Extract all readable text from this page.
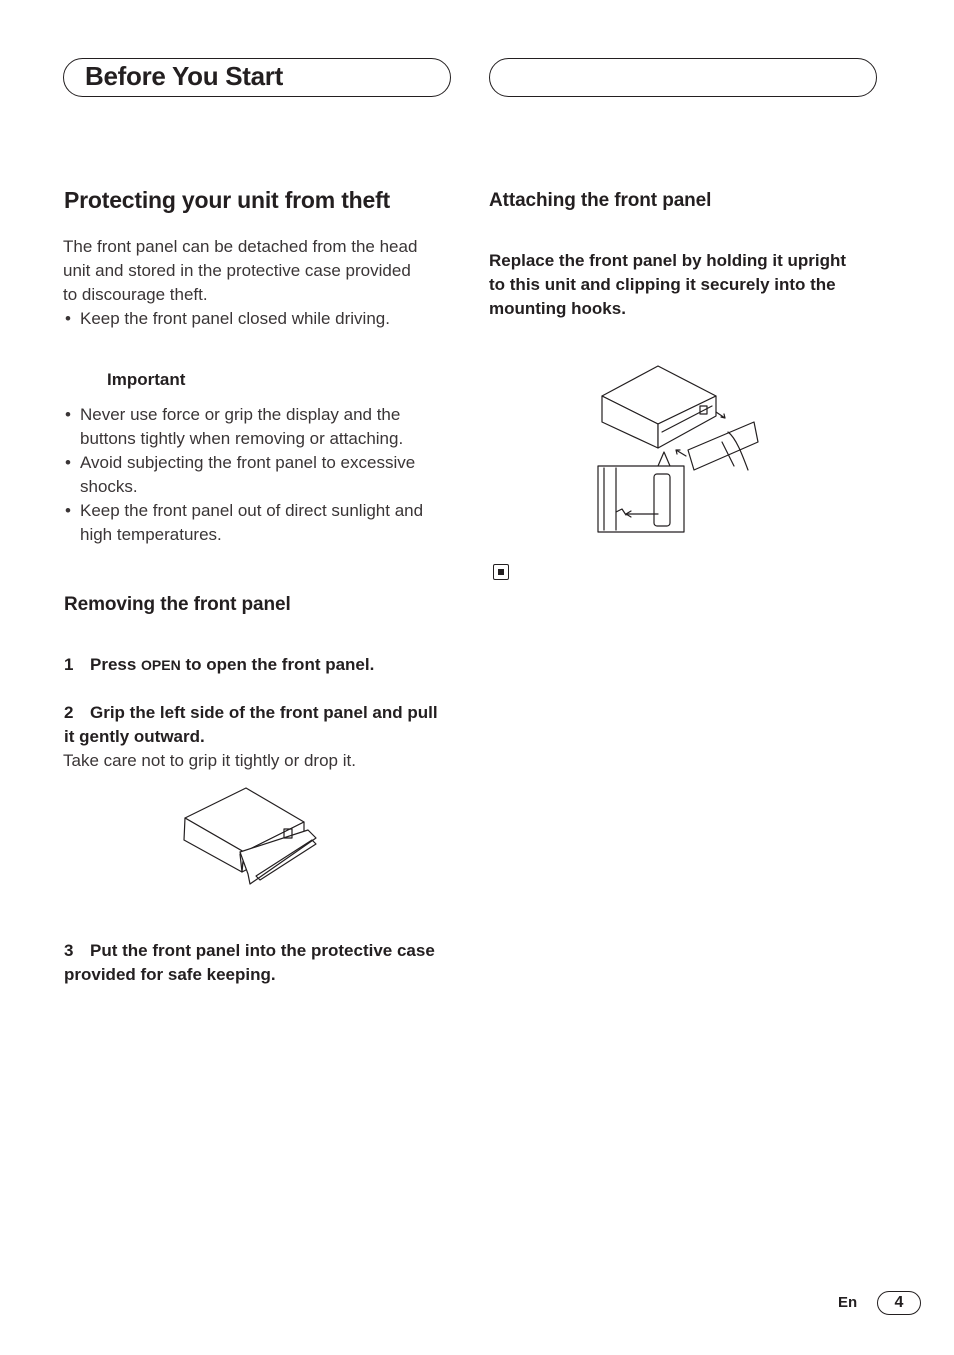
Before You Start
Protecting your unit from theft
The front panel can be detached from the head
unit and stored in the protective case provided
to discourage theft.
• Keep the front panel closed while driving.
Important
• Never use force or grip the display and the
buttons tightly when removing or attaching.
• Avoid subjecting the front panel to excessive
shocks.
• Keep the front panel out of direct sunlight and
high temperatures.
Removing the front panel
1 Press OPEN to open the front panel.
2 Grip the left side of the front panel and pull
it gently outward.
Take care not to grip it tightly or drop it.
3 Put the front panel into the protective case
provided for safe keeping.
Attaching the front panel
Replace the front panel by holding it upright
to this unit and clipping it securely into the
mounting hooks.
En	4
